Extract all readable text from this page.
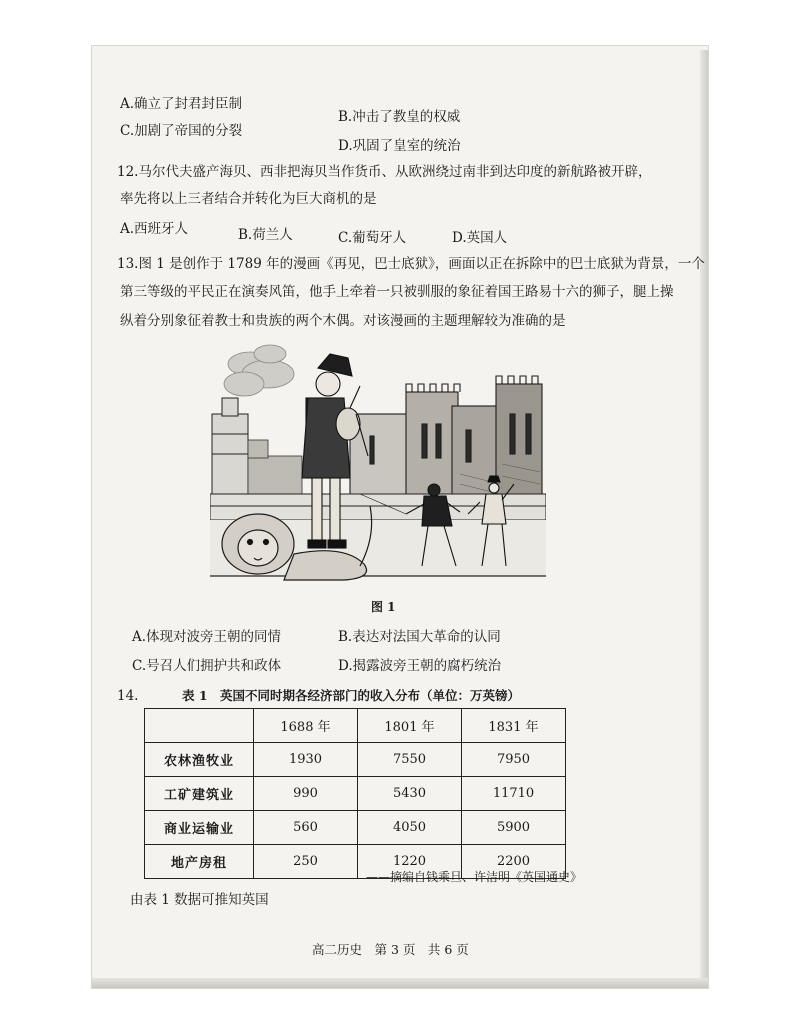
A.确立了封君封臣制
B.冲击了教皇的权威
C.加剧了帝国的分裂
D.巩固了皇室的统治
12.马尔代夫盛产海贝、西非把海贝当作货币、从欧洲绕过南非到达印度的新航路被开辟，
率先将以上三者结合并转化为巨大商机的是
A.西班牙人	B.荷兰人	C.葡萄牙人	D.英国人
13.图 1 是创作于 1789 年的漫画《再见，巴士底狱》，画面以正在拆除中的巴士底狱为背景，一个
第三等级的平民正在演奏风笛，他手上牵着一只被驯服的象征着国王路易十六的狮子，腿上操
纵着分别象征着教士和贵族的两个木偶。对该漫画的主题理解较为准确的是
图 1
A.体现对波旁王朝的同情	B.表达对法国大革命的认同
C.号召人们拥护共和政体	D.揭露波旁王朝的腐朽统治
14.	表 1　英国不同时期各经济部门的收入分布（单位：万英镑）
	1688 年	1801 年	1831 年
农林渔牧业	1930	7550	7950
工矿建筑业	990	5430	11710
商业运输业	560	4050	5900
地产房租	250	1220	2200
——摘编自钱乘旦、许洁明《英国通史》
由表 1 数据可推知英国
高二历史　第 3 页　共 6 页
